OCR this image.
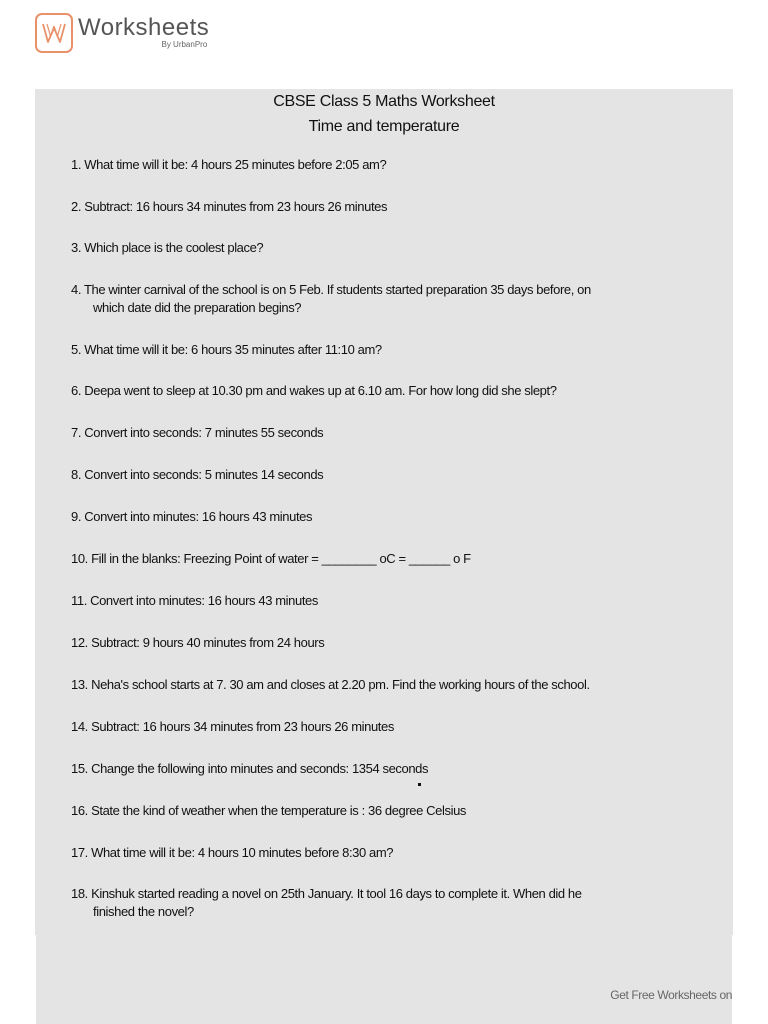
Worksheets
By UrbanPro
CBSE Class 5 Maths Worksheet
Time and temperature
1. What time will it be: 4 hours 25 minutes before 2:05 am?
2. Subtract: 16 hours 34 minutes from 23 hours 26 minutes
3. Which place is the coolest place?
4. The winter carnival of the school is on 5 Feb. If students started preparation 35 days before, on
which date did the preparation begins?
5. What time will it be: 6 hours 35 minutes after 11:10 am?
6. Deepa went to sleep at 10.30 pm and wakes up at 6.10 am. For how long did she slept?
7. Convert into seconds: 7 minutes 55 seconds
8. Convert into seconds: 5 minutes 14 seconds
9. Convert into minutes: 16 hours 43 minutes
10. Fill in the blanks: Freezing Point of water = ________ oC = ______ o F
11. Convert into minutes: 16 hours 43 minutes
12. Subtract: 9 hours 40 minutes from 24 hours
13. Neha's school starts at 7. 30 am and closes at 2.20 pm. Find the working hours of the school.
14. Subtract: 16 hours 34 minutes from 23 hours 26 minutes
15. Change the following into minutes and seconds: 1354 seconds
16. State the kind of weather when the temperature is : 36 degree Celsius
17. What time will it be: 4 hours 10 minutes before 8:30 am?
18. Kinshuk started reading a novel on 25th January. It tool 16 days to complete it. When did he
finished the novel?
Get Free Worksheets on
